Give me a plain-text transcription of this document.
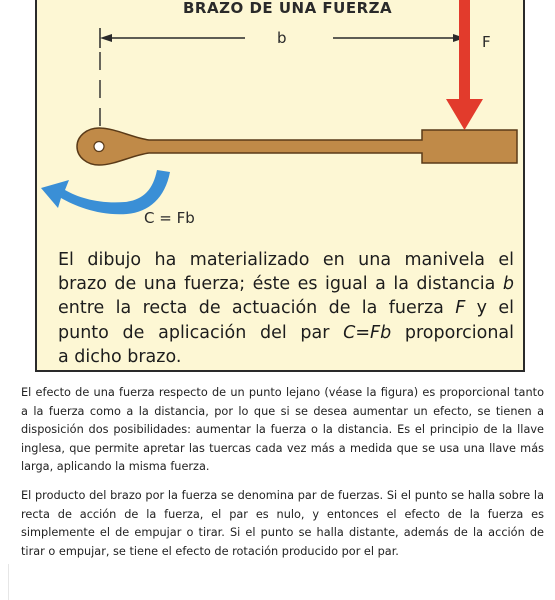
BRAZO DE UNA FUERZA
b	F
C = Fb
El dibujo ha materializado en una manivela el
brazo de una fuerza; éste es igual a la distancia b
entre la recta de actuación de la fuerza F y el
punto de aplicación del par C=Fb proporcional
a dicho brazo.

El efecto de una fuerza respecto de un punto lejano (véase la figura) es proporcional tanto a la fuerza como a la distancia, por lo que si se desea aumentar un efecto, se tienen a disposición dos posibilidades: aumentar la fuerza o la distancia. Es el principio de la llave inglesa, que permite apretar las tuercas cada vez más a medida que se usa una llave más larga, aplicando la misma fuerza.

El producto del brazo por la fuerza se denomina par de fuerzas. Si el punto se halla sobre la recta de acción de la fuerza, el par es nulo, y entonces el efecto de la fuerza es simplemente el de empujar o tirar. Si el punto se halla distante, además de la acción de tirar o empujar, se tiene el efecto de rotación producido por el par.
